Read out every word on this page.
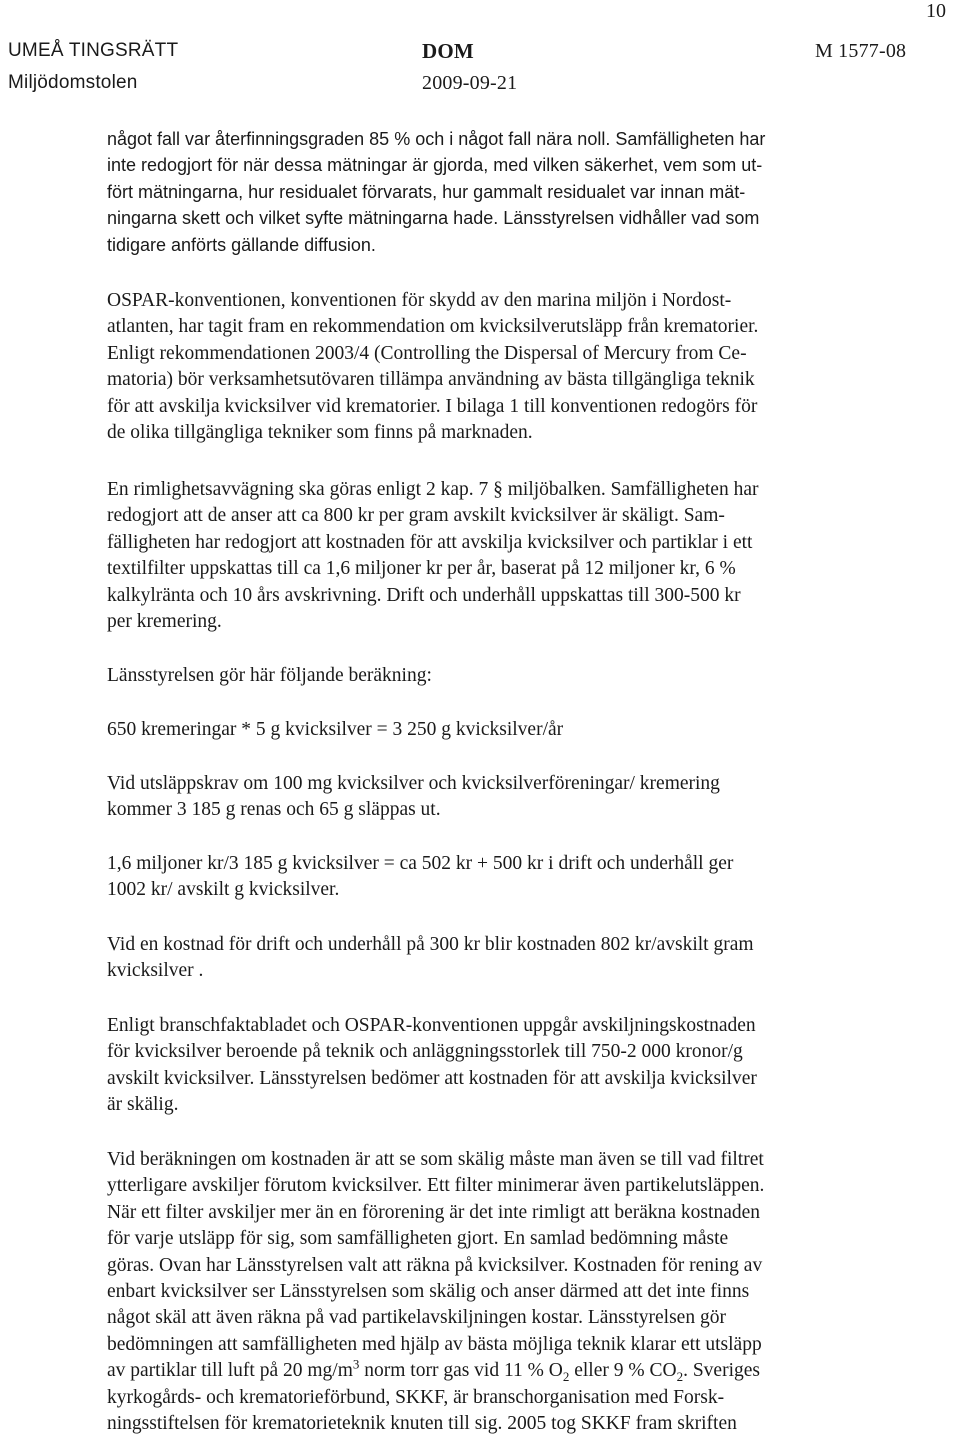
10
UMEÅ TINGSRÄTT
Miljödomstolen
DOM
2009-09-21
M 1577-08
något fall var återfinningsgraden 85 % och i något fall nära noll. Samfälligheten har
inte redogjort för när dessa mätningar är gjorda, med vilken säkerhet, vem som ut-
fört mätningarna, hur residualet förvarats, hur gammalt residualet var innan mät-
ningarna skett och vilket syfte mätningarna hade. Länsstyrelsen vidhåller vad som
tidigare anförts gällande diffusion.
OSPAR-konventionen, konventionen för skydd av den marina miljön i Nordost-
atlanten, har tagit fram en rekommendation om kvicksilverutsläpp från krematorier.
Enligt rekommendationen 2003/4 (Controlling the Dispersal of Mercury from Ce-
matoria) bör verksamhetsutövaren tillämpa användning av bästa tillgängliga teknik
för att avskilja kvicksilver vid krematorier. I bilaga 1 till konventionen redogörs för
de olika tillgängliga tekniker som finns på marknaden.
En rimlighetsavvägning ska göras enligt 2 kap. 7 § miljöbalken. Samfälligheten har
redogjort att de anser att ca 800 kr per gram avskilt kvicksilver är skäligt. Sam-
fälligheten har redogjort att kostnaden för att avskilja kvicksilver och partiklar i ett
textilfilter uppskattas till ca 1,6 miljoner kr per år, baserat på 12 miljoner kr, 6 %
kalkylränta och 10 års avskrivning. Drift och underhåll uppskattas till 300-500 kr
per kremering.
Länsstyrelsen gör här följande beräkning:
650 kremeringar * 5 g kvicksilver = 3 250 g kvicksilver/år
Vid utsläppskrav om 100 mg kvicksilver och kvicksilverföreningar/ kremering
kommer 3 185 g renas och 65 g släppas ut.
1,6 miljoner kr/3 185 g kvicksilver = ca 502 kr + 500 kr i drift och underhåll ger
1002 kr/ avskilt g kvicksilver.
Vid en kostnad för drift och underhåll på 300 kr blir kostnaden 802 kr/avskilt gram
kvicksilver .
Enligt branschfaktabladet och OSPAR-konventionen uppgår avskiljningskostnaden
för kvicksilver beroende på teknik och anläggningsstorlek till 750-2 000 kronor/g
avskilt kvicksilver. Länsstyrelsen bedömer att kostnaden för att avskilja kvicksilver
är skälig.
Vid beräkningen om kostnaden är att se som skälig måste man även se till vad filtret
ytterligare avskiljer förutom kvicksilver. Ett filter minimerar även partikelutsläppen.
När ett filter avskiljer mer än en förorening är det inte rimligt att beräkna kostnaden
för varje utsläpp för sig, som samfälligheten gjort. En samlad bedömning måste
göras. Ovan har Länsstyrelsen valt att räkna på kvicksilver. Kostnaden för rening av
enbart kvicksilver ser Länsstyrelsen som skälig och anser därmed att det inte finns
något skäl att även räkna på vad partikelavskiljningen kostar. Länsstyrelsen gör
bedömningen att samfälligheten med hjälp av bästa möjliga teknik klarar ett utsläpp
av partiklar till luft på 20 $mg/m^3$ norm torr gas vid 11 % $O_2$ eller 9 % $CO_2$. Sveriges
kyrkogårds- och krematorieförbund, SKKF, är branschorganisation med Forsk-
ningsstiftelsen för krematorieteknik knuten till sig. 2005 tog SKKF fram skriften
